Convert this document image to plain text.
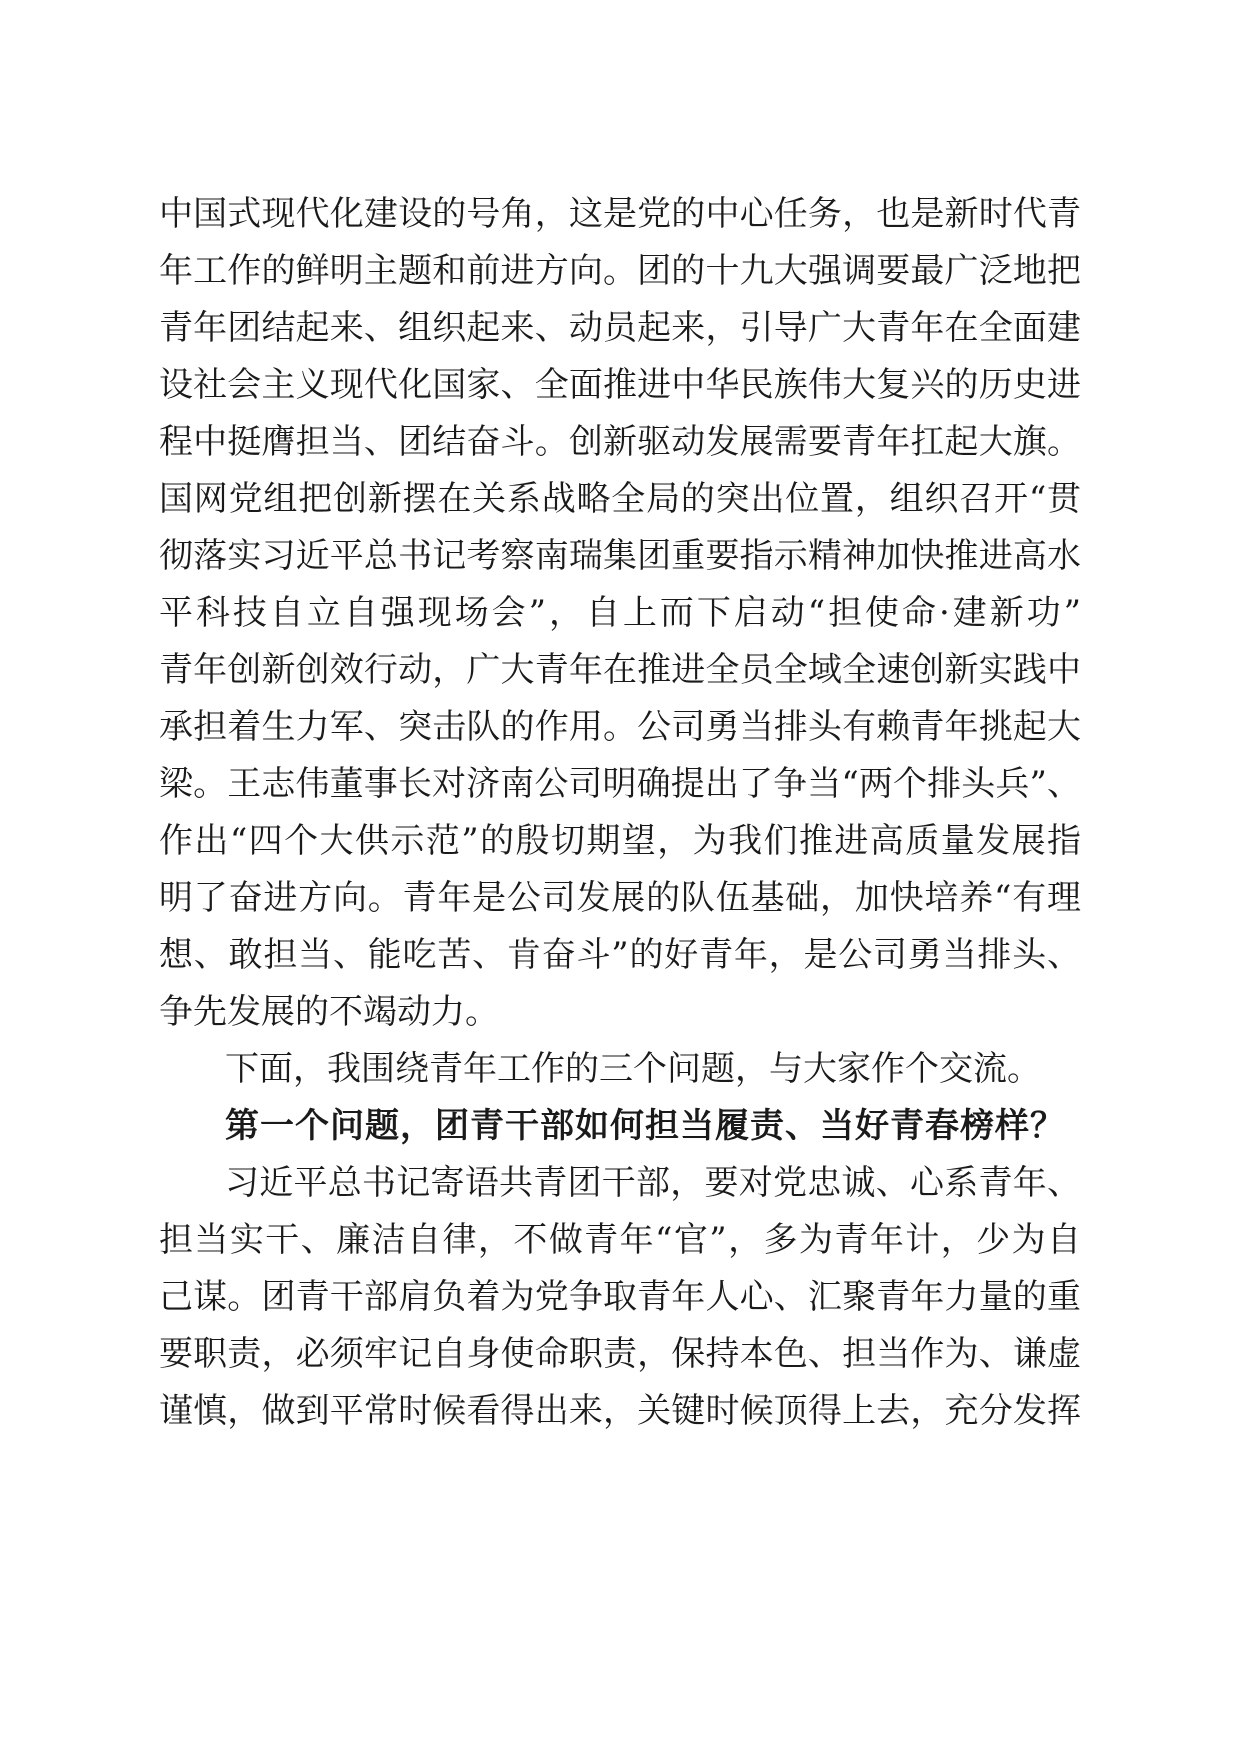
中国式现代化建设的号角，这是党的中心任务，也是新时代青
年工作的鲜明主题和前进方向。团的十九大强调要最广泛地把
青年团结起来、组织起来、动员起来，引导广大青年在全面建
设社会主义现代化国家、全面推进中华民族伟大复兴的历史进
程中挺膺担当、团结奋斗。创新驱动发展需要青年扛起大旗。
国网党组把创新摆在关系战略全局的突出位置，组织召开“贯
彻落实习近平总书记考察南瑞集团重要指示精神加快推进高水
平科技自立自强现场会”，自上而下启动“担使命·建新功”
青年创新创效行动，广大青年在推进全员全域全速创新实践中
承担着生力军、突击队的作用。公司勇当排头有赖青年挑起大
梁。王志伟董事长对济南公司明确提出了争当“两个排头兵”、
作出“四个大供示范”的殷切期望，为我们推进高质量发展指
明了奋进方向。青年是公司发展的队伍基础，加快培养“有理
想、敢担当、能吃苦、肯奋斗”的好青年，是公司勇当排头、
争先发展的不竭动力。
下面，我围绕青年工作的三个问题，与大家作个交流。
第一个问题，团青干部如何担当履责、当好青春榜样？
习近平总书记寄语共青团干部，要对党忠诚、心系青年、
担当实干、廉洁自律，不做青年“官”，多为青年计，少为自
己谋。团青干部肩负着为党争取青年人心、汇聚青年力量的重
要职责，必须牢记自身使命职责，保持本色、担当作为、谦虚
谨慎，做到平常时候看得出来，关键时候顶得上去，充分发挥
